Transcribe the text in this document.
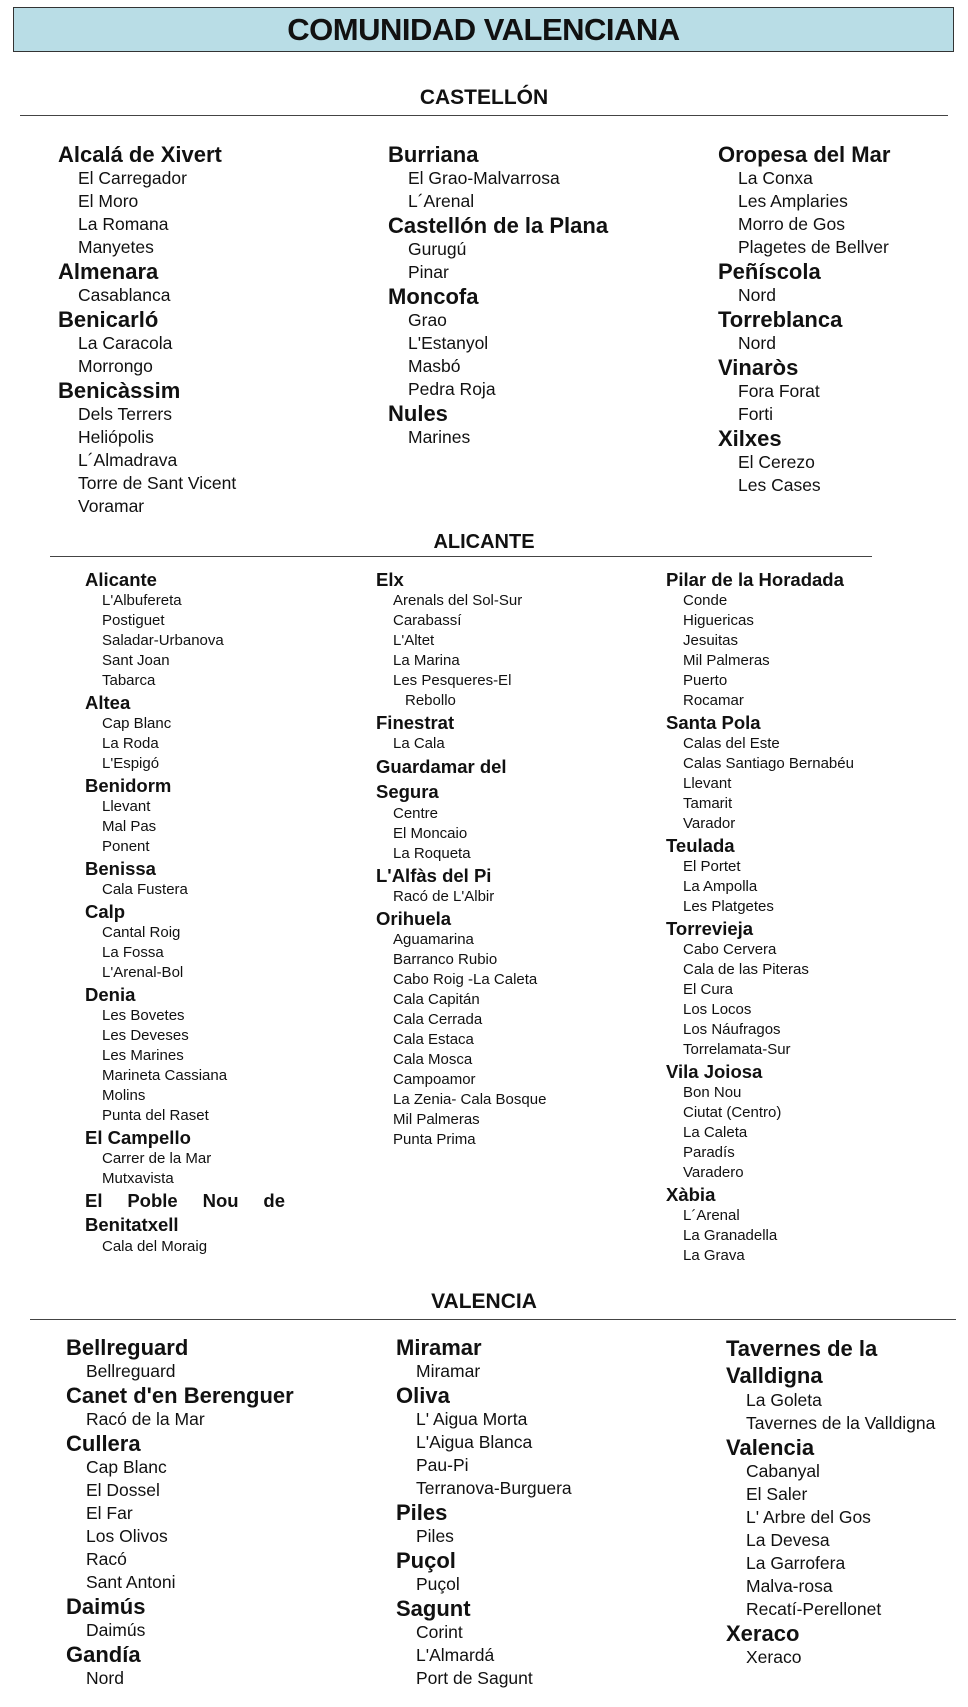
COMUNIDAD VALENCIANA
CASTELLÓN
Alcalá de Xivert
El Carregador
El Moro
La Romana
Manyetes
Almenara
Casablanca
Benicarló
La Caracola
Morrongo
Benicàssim
Dels Terrers
Heliópolis
L´Almadrava
Torre de Sant Vicent
Voramar
Burriana
El Grao-Malvarrosa
L´Arenal
Castellón de la Plana
Gurugú
Pinar
Moncofa
Grao
L'Estanyol
Masbó
Pedra Roja
Nules
Marines
Oropesa del Mar
La Conxa
Les Amplaries
Morro de Gos
Plagetes de Bellver
Peñíscola
Nord
Torreblanca
Nord
Vinaròs
Fora Forat
Forti
Xilxes
El Cerezo
Les Cases
ALICANTE
Alicante
L'Albufereta
Postiguet
Saladar-Urbanova
Sant Joan
Tabarca
Altea
Cap Blanc
La Roda
L'Espigó
Benidorm
Llevant
Mal Pas
Ponent
Benissa
Cala Fustera
Calp
Cantal Roig
La Fossa
L'Arenal-Bol
Denia
Les Bovetes
Les Deveses
Les Marines
Marineta Cassiana
Molins
Punta del Raset
El Campello
Carrer de la Mar
Mutxavista
El Poble Nou de
Benitatxell
Cala del Moraig
Elx
Arenals del Sol-Sur
Carabassí
L'Altet
La Marina
Les Pesqueres-El
Rebollo
Finestrat
La Cala
Guardamar del
Segura
Centre
El Moncaio
La Roqueta
L'Alfàs del Pi
Racó de L'Albir
Orihuela
Aguamarina
Barranco Rubio
Cabo Roig -La Caleta
Cala Capitán
Cala Cerrada
Cala Estaca
Cala Mosca
Campoamor
La Zenia- Cala Bosque
Mil Palmeras
Punta Prima
Pilar de la Horadada
Conde
Higuericas
Jesuitas
Mil Palmeras
Puerto
Rocamar
Santa Pola
Calas del Este
Calas Santiago Bernabéu
Llevant
Tamarit
Varador
Teulada
El Portet
La Ampolla
Les Platgetes
Torrevieja
Cabo Cervera
Cala de las Piteras
El Cura
Los Locos
Los Náufragos
Torrelamata-Sur
Vila Joiosa
Bon Nou
Ciutat (Centro)
La Caleta
Paradís
Varadero
Xàbia
L´Arenal
La Granadella
La Grava
VALENCIA
Bellreguard
Bellreguard
Canet d'en Berenguer
Racó de la Mar
Cullera
Cap Blanc
El Dossel
El Far
Los Olivos
Racó
Sant Antoni
Daimús
Daimús
Gandía
Nord
Miramar
Miramar
Oliva
L' Aigua Morta
L'Aigua Blanca
Pau-Pi
Terranova-Burguera
Piles
Piles
Puçol
Puçol
Sagunt
Corint
L'Almardá
Port de Sagunt
Tavernes de la
Valldigna
La Goleta
Tavernes de la Valldigna
Valencia
Cabanyal
El Saler
L' Arbre del Gos
La Devesa
La Garrofera
Malva-rosa
Recatí-Perellonet
Xeraco
Xeraco
